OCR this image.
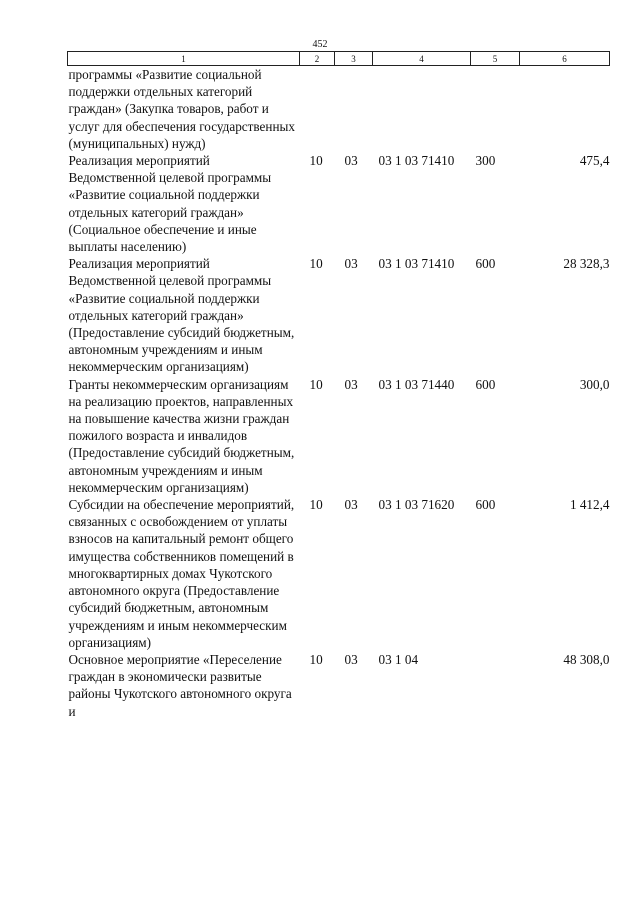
452
1	2	3	4	5	6
программы «Развитие социальной поддержки отдельных категорий граждан» (Закупка товаров, работ и услуг для обеспечения государственных (муниципальных) нужд)					
Реализация мероприятий Ведомственной целевой программы «Развитие социальной поддержки отдельных категорий граждан» (Социальное обеспечение и иные выплаты населению)	10	03	03 1 03 71410	300	475,4
Реализация мероприятий Ведомственной целевой программы «Развитие социальной поддержки отдельных категорий граждан» (Предоставление субсидий бюджетным, автономным учреждениям и иным некоммерческим организациям)	10	03	03 1 03 71410	600	28 328,3
Гранты некоммерческим организациям на реализацию проектов, направленных на повышение качества жизни граждан пожилого возраста и инвалидов (Предоставление субсидий бюджетным, автономным учреждениям и иным некоммерческим организациям)	10	03	03 1 03 71440	600	300,0
Субсидии на обеспечение мероприятий, связанных с освобождением от уплаты взносов на капитальный ремонт общего имущества собственников помещений в многоквартирных домах Чукотского автономного округа (Предоставление субсидий бюджетным, автономным учреждениям и иным некоммерческим организациям)	10	03	03 1 03 71620	600	1 412,4
Основное мероприятие «Переселение граждан в экономически развитые районы Чукотского автономного округа и	10	03	03 1 04		48 308,0
